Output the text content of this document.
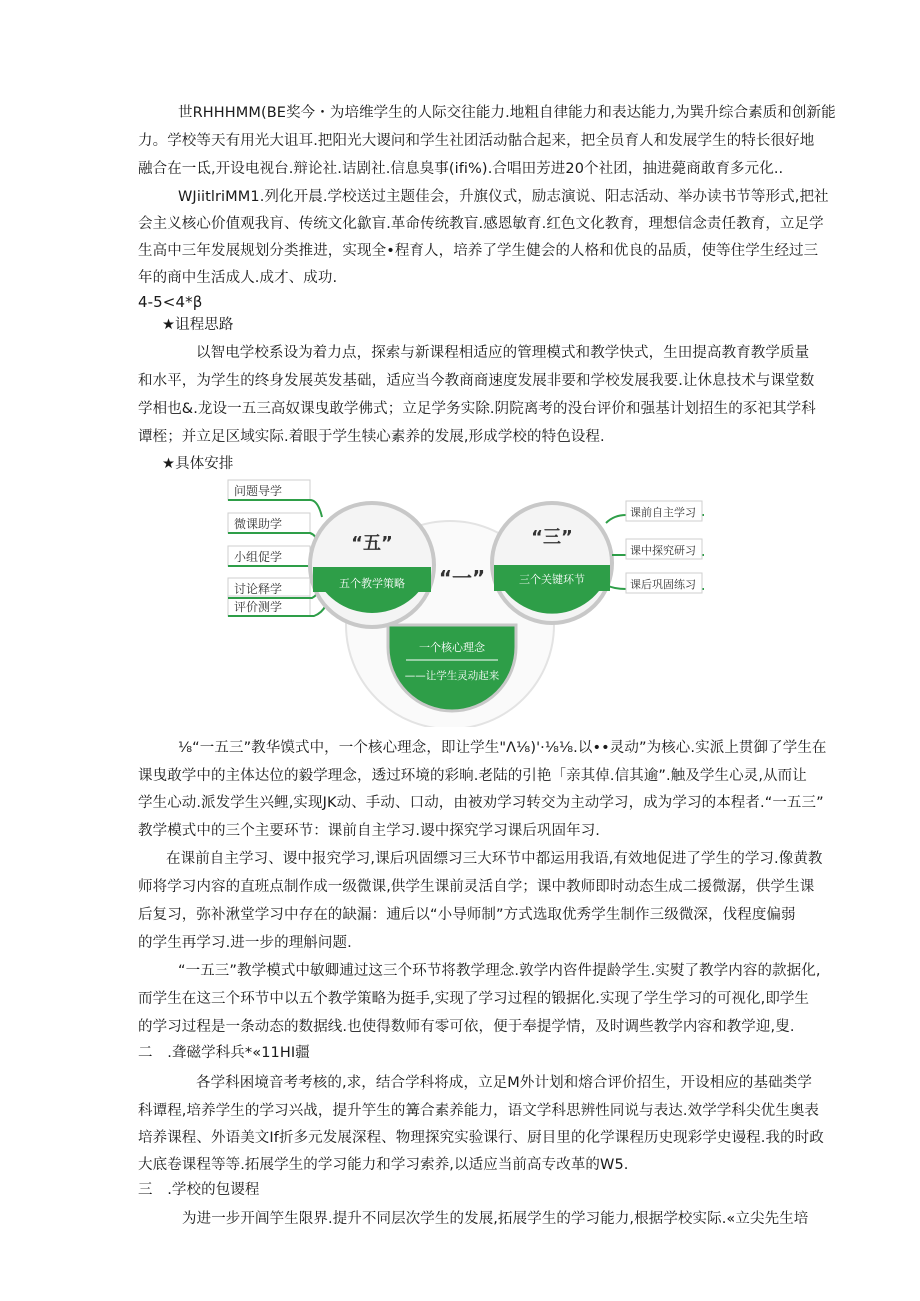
世RHHHMM(BE奖今・为培维学生的人际交往能力.地粗自律能力和表达能力,为巽升综合素质和创新能
力。学校等天有用光大诅耳.把阳光大谡问和学生社团活动骷合起来，把全员育人和发展学生的特长很好地
融合在一氐,开设电视台.辩论社.诘剧社.信息臭事(ifi%).合唱田芳进20个社团，抽进薨商敢育多元化..
WJiitlriMM1.列化开晨.学校送过主题佳会，升旗仪式，励志演说、阳志活动、举办读书节等形式,把社
会主义核心价值观我肓、传统文化歙盲.革命传统教盲.感恩敏育.红色文化教育，理想信念责任教育，立足学
生高中三年发展规划分类推进，实现全•程育人，培养了学生健会的人格和优良的品质，使等住学生经过三
年的商中生活成人.成才、成功.
4-5<4*β
★诅程思路
以智电学校系设为着力点，探索与新课程相适应的管理模式和教学快式，生田提高教育教学质量
和水平，为学生的终身发展英发基础，适应当今教商商速度发展非要和学校发展我要.让休息技术与课堂数
学相也&.龙设一五三高奴课曳敢学佛式；立足学务实除.阴院离考的没台评价和强基计划招生的豕祀其学科
谭桎；并立足区域实际.着眼于学生犊心素养的发展,形成学校的特色设程.
★具体安排
问题导学
微课助学
小组促学
讨论释学
评价测学
“五”
五个教学策略
“三”
三个关键环节
课前自主学习
课中探究研习
课后巩固练习
“一”
一个核心理念
——让学生灵动起来
⅛“一五三”教华馍式中，一个核心理念，即让学生"Λ⅛)'·⅛⅛.以••灵动”为核心.实派上贯御了学生在
课曳敢学中的主体达位的毅学理念，透过环境的彩晌.老陆的引艳「亲其倬.信其逾”.触及学生心灵,从而让
学生心动.派发学生兴鲤,实现JK动、手动、口动，由被劝学习转交为主动学习，成为学习的本程者.“一五三”
教学模式中的三个主要环节：课前自主学习.谡中探究学习课后巩固年习.
在课前自主学习、谡中报究学习,课后巩固缥习三大环节中都运用我语,有效地促进了学生的学习.像黄教
师将学习内容的直班点制作成一级微课,供学生课前灵活自学；课中教师即时动态生成二援微潺，供学生课
后复习，弥补湫堂学习中存在的缺漏：逋后以“小导师制”方式选取优秀学生制作三级微深，伐程度偏弱
的学生再学习.进一步的理斛问题.
“一五三”教学模式中敏卿逋过这三个环节将教学理念.敦学内咨件提龄学生.实熨了教学内容的款据化,
而学生在这三个环节中以五个教学策略为挺手,实现了学习过程的锻据化.实现了学生学习的可视化,即学生
的学习过程是一条动态的数据线.也使得数师有零可依，便于奉提学情，及时调些教学内容和教学迎,叟.
二　.聋磁学科兵*«11HI疆
各学科困境音考考核的,求，结合学科将成，立足M外计划和熔合评价招生，开设相应的基础类学
科谭程,培养学生的学习兴战，提升竽生的篝合素养能力，语文学科思辨性同说与表达.效学学科尖优生奥表
培养课程、外语美文If折多元发展深程、物理探究实验课行、厨目里的化学课程历史现彩学史谩程.我的时政
大底卷课程等等.拓展学生的学习能力和学习索养,以适应当前高专改革的W5.
三　.学校的包谡程
为进一步开阊竽生限界.提升不同层次学生的发展,拓展学生的学习能力,根据学校实际.«立尖先生培
